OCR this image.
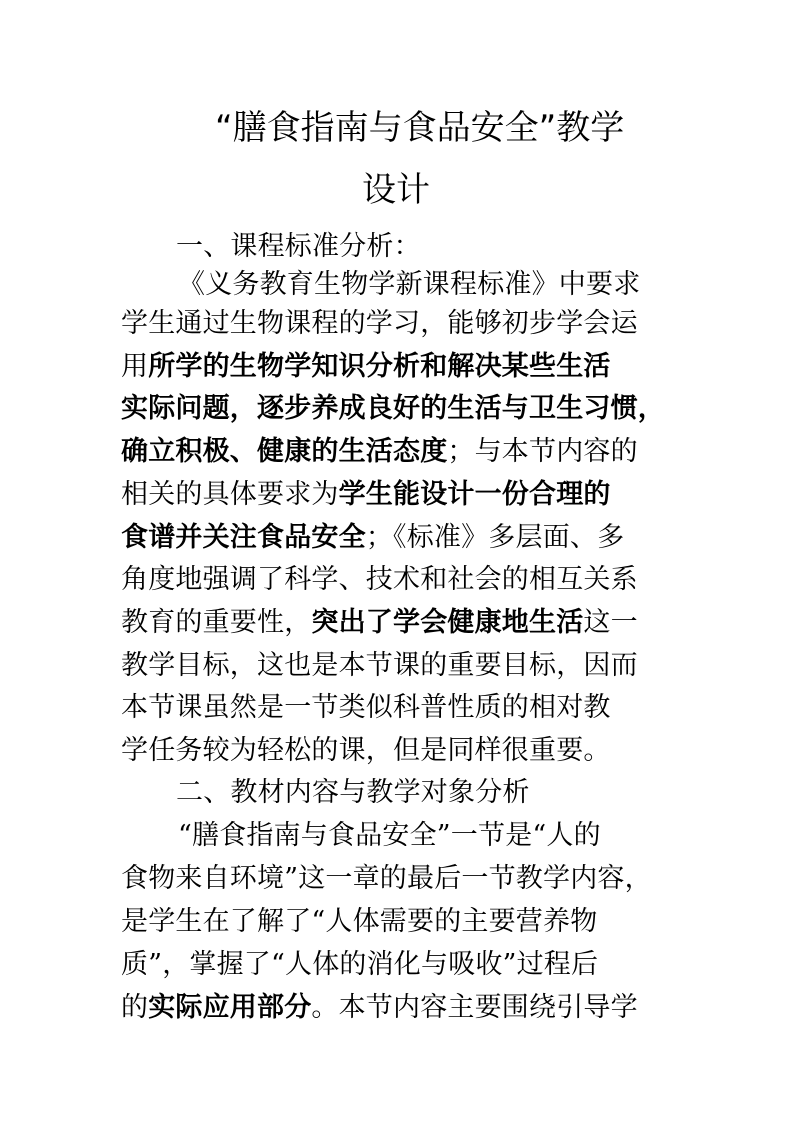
“膳食指南与食品安全”教学
设计
一、课程标准分析：
《义务教育生物学新课程标准》中要求
学生通过生物课程的学习，能够初步学会运
用所学的生物学知识分析和解决某些生活
实际问题，逐步养成良好的生活与卫生习惯，
确立积极、健康的生活态度；与本节内容的
相关的具体要求为学生能设计一份合理的
食谱并关注食品安全；《标准》多层面、多
角度地强调了科学、技术和社会的相互关系
教育的重要性，突出了学会健康地生活这一
教学目标，这也是本节课的重要目标，因而
本节课虽然是一节类似科普性质的相对教
学任务较为轻松的课，但是同样很重要。
二、教材内容与教学对象分析
“膳食指南与食品安全”一节是“人的
食物来自环境”这一章的最后一节教学内容，
是学生在了解了“人体需要的主要营养物
质”，掌握了“人体的消化与吸收”过程后
的实际应用部分。本节内容主要围绕引导学
